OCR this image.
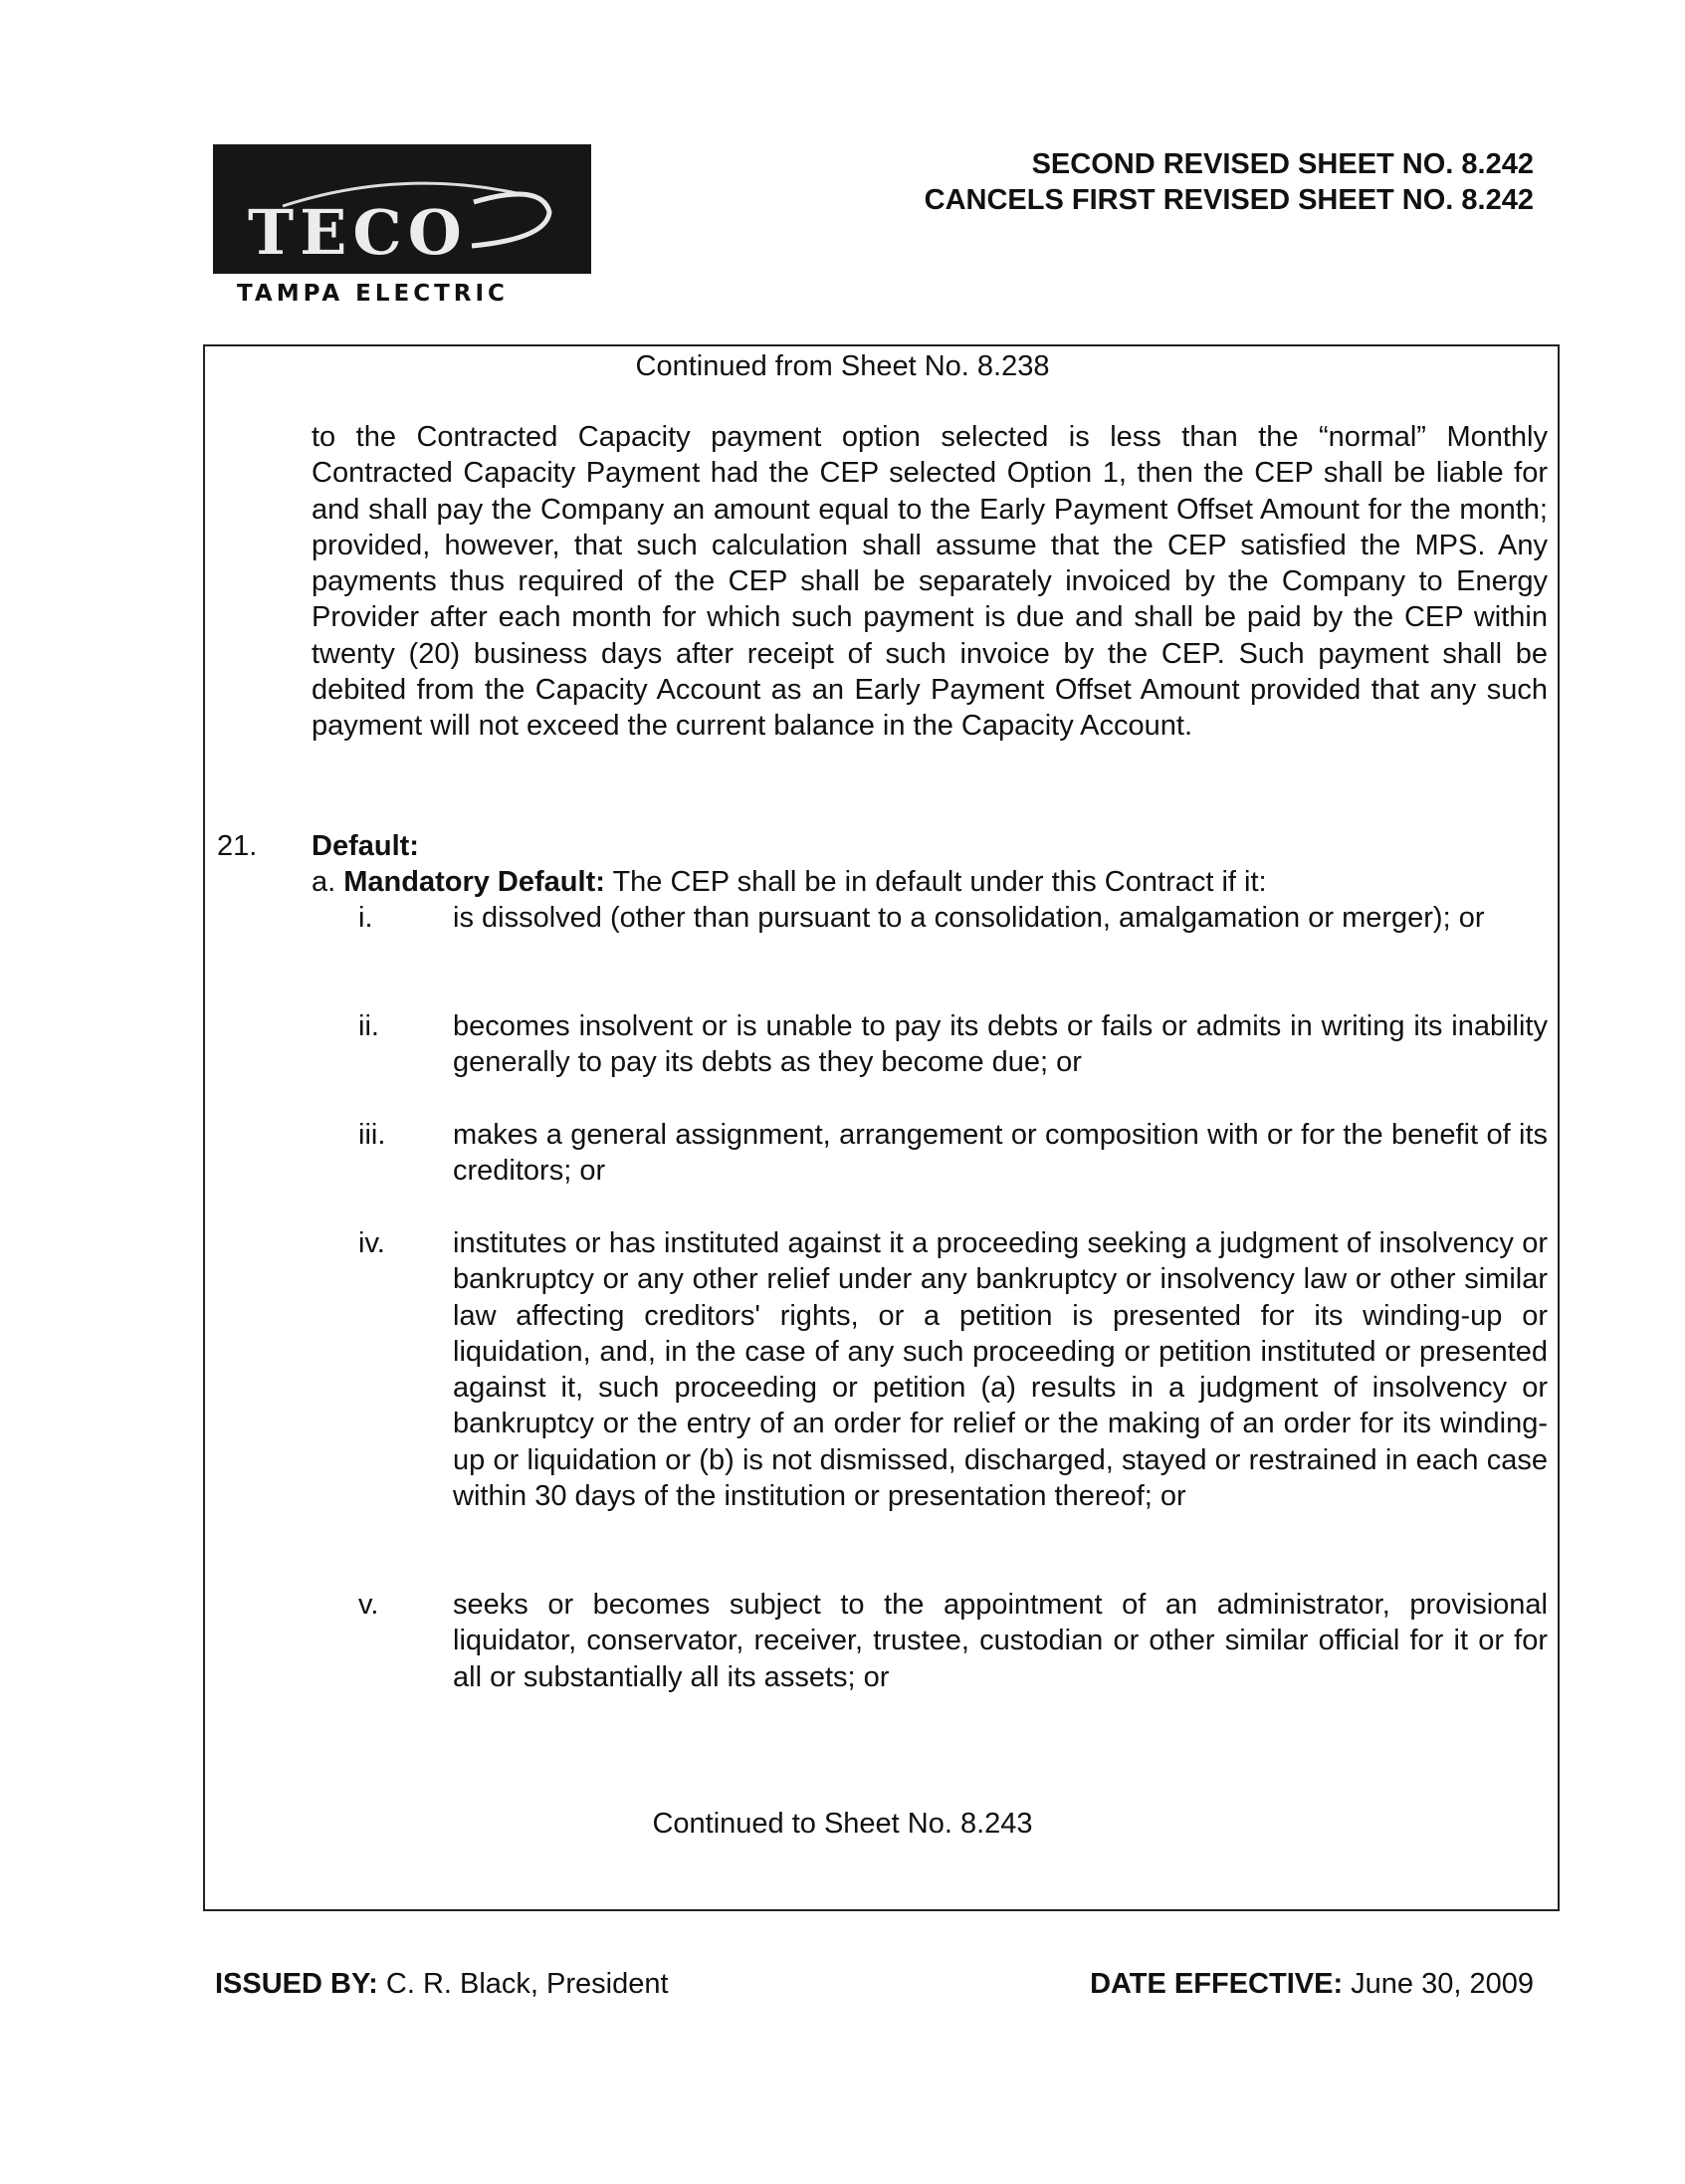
TECO
TAMPA ELECTRIC
SECOND REVISED SHEET NO. 8.242
CANCELS FIRST REVISED SHEET NO. 8.242
Continued from Sheet No. 8.238
to the Contracted Capacity payment option selected is less than the “normal” Monthly Contracted Capacity Payment had the CEP selected Option 1, then the CEP shall be liable for and shall pay the Company an amount equal to the Early Payment Offset Amount for the month; provided, however, that such calculation shall assume that the CEP satisfied the MPS. Any payments thus required of the CEP shall be separately invoiced by the Company to Energy Provider after each month for which such payment is due and shall be paid by the CEP within twenty (20) business days after receipt of such invoice by the CEP. Such payment shall be debited from the Capacity Account as an Early Payment Offset Amount provided that any such payment will not exceed the current balance in the Capacity Account.
21. Default:
a. Mandatory Default: The CEP shall be in default under this Contract if it:
i.	is dissolved (other than pursuant to a consolidation, amalgamation or merger); or
ii.	becomes insolvent or is unable to pay its debts or fails or admits in writing its inability generally to pay its debts as they become due; or
iii. makes a general assignment, arrangement or composition with or for the benefit of its creditors; or
iv. institutes or has instituted against it a proceeding seeking a judgment of insolvency or bankruptcy or any other relief under any bankruptcy or insolvency law or other similar law affecting creditors' rights, or a petition is presented for its winding-up or liquidation, and, in the case of any such proceeding or petition instituted or presented against it, such proceeding or petition (a) results in a judgment of insolvency or bankruptcy or the entry of an order for relief or the making of an order for its winding-up or liquidation or (b) is not dismissed, discharged, stayed or restrained in each case within 30 days of the institution or presentation thereof; or
v.	seeks or becomes subject to the appointment of an administrator, provisional liquidator, conservator, receiver, trustee, custodian or other similar official for it or for all or substantially all its assets; or
Continued to Sheet No. 8.243
ISSUED BY: C. R. Black, President	DATE EFFECTIVE: June 30, 2009
